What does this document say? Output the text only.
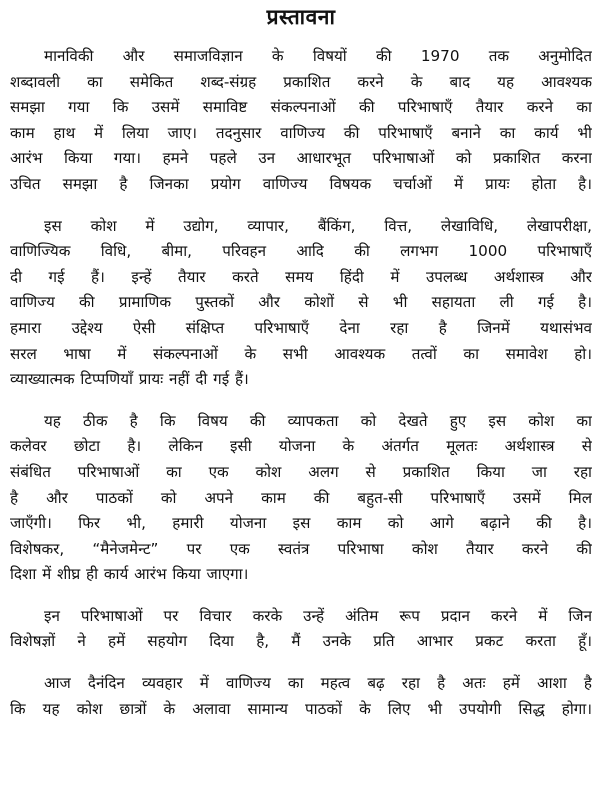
प्रस्तावना
मानविकी और समाजविज्ञान के विषयों की 1970 तक अनुमोदित
शब्दावली का समेकित शब्द-संग्रह प्रकाशित करने के बाद यह आवश्यक
समझा गया कि उसमें समाविष्ट संकल्पनाओं की परिभाषाएँ तैयार करने का
काम हाथ में लिया जाए। तदनुसार वाणिज्य की परिभाषाएँ बनाने का कार्य भी
आरंभ किया गया। हमने पहले उन आधारभूत परिभाषाओं को प्रकाशित करना
उचित समझा है जिनका प्रयोग वाणिज्य विषयक चर्चाओं में प्रायः होता है।
इस कोश में उद्योग, व्यापार, बैंकिंग, वित्त, लेखाविधि, लेखापरीक्षा,
वाणिज्यिक विधि, बीमा, परिवहन आदि की लगभग 1000 परिभाषाएँ
दी गई हैं। इन्हें तैयार करते समय हिंदी में उपलब्ध अर्थशास्त्र और
वाणिज्य की प्रामाणिक पुस्तकों और कोशों से भी सहायता ली गई है।
हमारा उद्देश्य ऐसी संक्षिप्त परिभाषाएँ देना रहा है जिनमें यथासंभव
सरल भाषा में संकल्पनाओं के सभी आवश्यक तत्वों का समावेश हो।
व्याख्यात्मक टिप्पणियाँ प्रायः नहीं दी गई हैं।
यह ठीक है कि विषय की व्यापकता को देखते हुए इस कोश का
कलेवर छोटा है। लेकिन इसी योजना के अंतर्गत मूलतः अर्थशास्त्र से
संबंधित परिभाषाओं का एक कोश अलग से प्रकाशित किया जा रहा
है और पाठकों को अपने काम की बहुत-सी परिभाषाएँ उसमें मिल
जाएँगी। फिर भी, हमारी योजना इस काम को आगे बढ़ाने की है।
विशेषकर, “मैनेजमेन्ट” पर एक स्वतंत्र परिभाषा कोश तैयार करने की
दिशा में शीघ्र ही कार्य आरंभ किया जाएगा।
इन परिभाषाओं पर विचार करके उन्हें अंतिम रूप प्रदान करने में जिन
विशेषज्ञों ने हमें सहयोग दिया है, मैं उनके प्रति आभार प्रकट करता हूँ।
आज दैनंदिन व्यवहार में वाणिज्य का महत्व बढ़ रहा है अतः हमें आशा है
कि यह कोश छात्रों के अलावा सामान्य पाठकों के लिए भी उपयोगी सिद्ध होगा।
